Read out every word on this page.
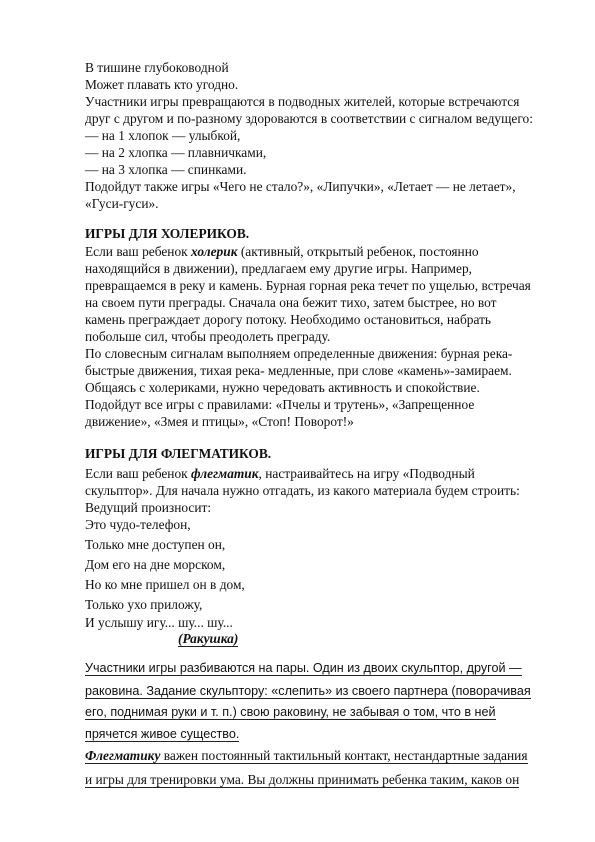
В тишине глубоководной
Может плавать кто угодно.
Участники игры превращаются в подводных жителей, которые встречаются
друг с другом и по-разному здороваются в соответствии с сигналом ведущего:
— на 1 хлопок — улыбкой,
— на 2 хлопка — плавничками,
— на 3 хлопка — спинками.
Подойдут также игры «Чего не стало?», «Липучки», «Летает — не летает»,
«Гуси-гуси».
ИГРЫ ДЛЯ ХОЛЕРИКОВ.
Если ваш ребенок холерик (активный, открытый ребенок, постоянно
находящийся в движении), предлагаем ему другие игры. Например,
превращаемся в реку и камень. Бурная горная река течет по ущелью, встречая
на своем пути преграды. Сначала она бежит тихо, затем быстрее, но вот
камень преграждает дорогу потоку. Необходимо остановиться, набрать
побольше сил, чтобы преодолеть преграду.
По словесным сигналам выполняем определенные движения: бурная река-
быстрые движения, тихая река- медленные, при слове «камень»-замираем.
Общаясь с холериками, нужно чередовать активность и спокойствие.
Подойдут все игры с правилами: «Пчелы и трутень», «Запрещенное
движение», «Змея и птицы», «Стоп! Поворот!»
ИГРЫ ДЛЯ ФЛЕГМАТИКОВ.
Если ваш ребенок флегматик, настраивайтесь на игру «Подводный
скульптор». Для начала нужно отгадать, из какого материала будем строить:
Ведущий произносит:
Это чудо-телефон,
Только мне доступен он,
Дом его на дне морском,
Но ко мне пришел он в дом,
Только ухо приложу,
И услышу игу... шу... шу...
(Ракушка)
Участники игры разбиваются на пары. Один из двоих скульптор, другой —
раковина. Задание скульптору: «слепить» из своего партнера (поворачивая
его, поднимая руки и т. п.) свою раковину, не забывая о том, что в ней
прячется живое существо.
Флегматику важен постоянный тактильный контакт, нестандартные задания
и игры для тренировки ума. Вы должны принимать ребенка таким, каков он
